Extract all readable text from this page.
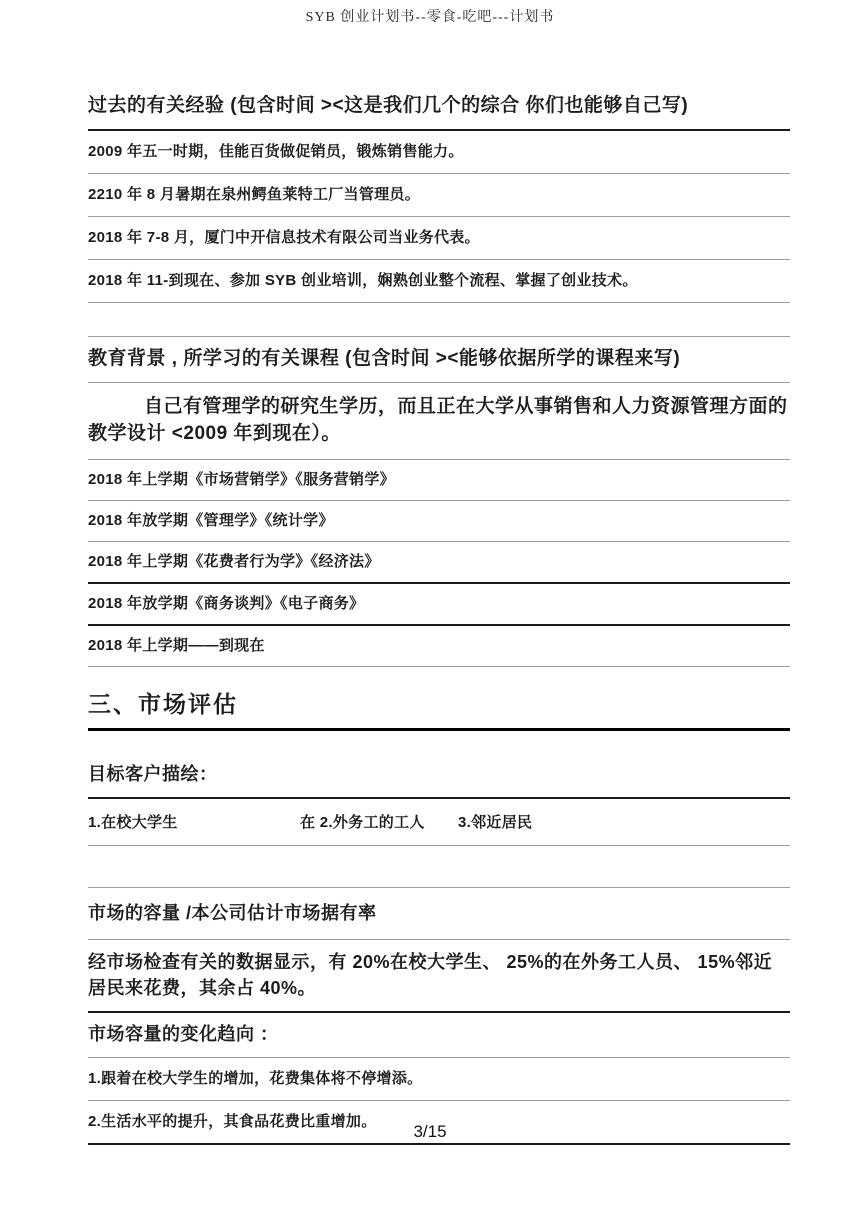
SYB 创业计划书--零食-吃吧---计划书
过去的有关经验 (包含时间 ><这是我们几个的综合 你们也能够自己写)
2009 年五一时期，佳能百货做促销员，锻炼销售能力。
2210 年 8 月暑期在泉州鳄鱼莱特工厂当管理员。
2018 年 7-8 月，厦门中开信息技术有限公司当业务代表。
2018 年 11-到现在、参加 SYB 创业培训，娴熟创业整个流程、掌握了创业技术。
教育背景 , 所学习的有关课程 (包含时间 ><能够依据所学的课程来写)

自己有管理学的研究生学历，而且正在大学从事销售和人力资源管理方面的教学设计 <2009 年到现在）。

2018 年上学期《市场营销学》《服务营销学》
2018 年放学期《管理学》《统计学》
2018 年上学期《花费者行为学》《经济法》
2018 年放学期《商务谈判》《电子商务》
2018 年上学期——到现在
三、市场评估
目标客户描绘：
1.在校大学生	在 2.外务工的工人	3.邻近居民
市场的容量 /本公司估计市场据有率

经市场检查有关的数据显示，有 20%在校大学生、 25%的在外务工人员、 15%邻近居民来花费，其余占 40%。

市场容量的变化趋向 ：
1.跟着在校大学生的增加，花费集体将不停增添。
2.生活水平的提升，其食品花费比重增加。
3/15
